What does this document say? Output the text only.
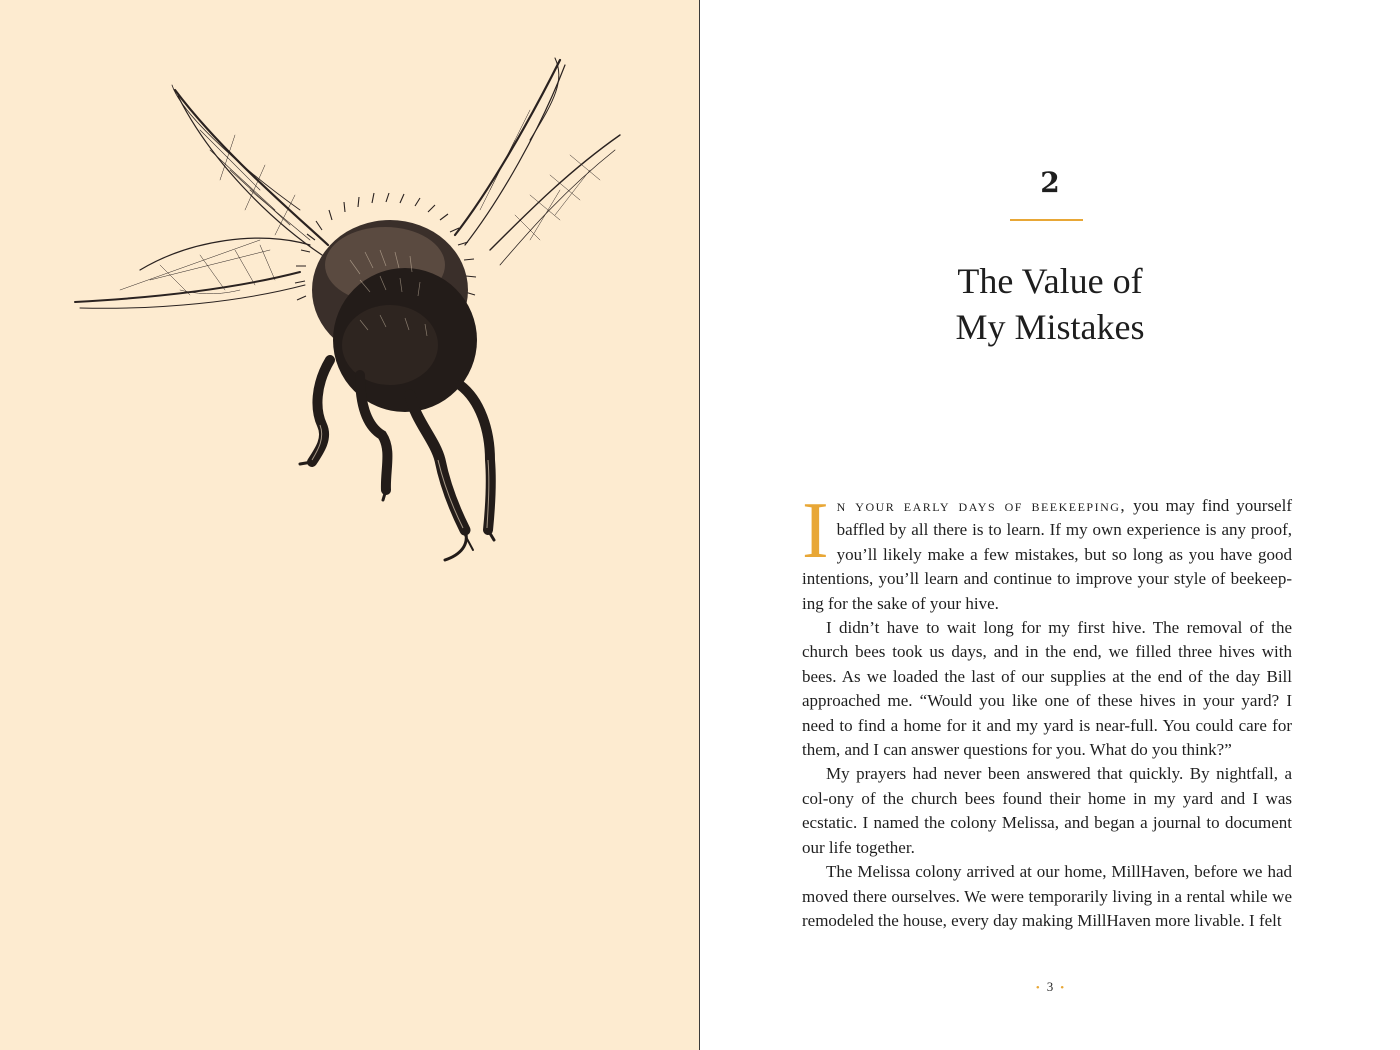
2
The Value of
My Mistakes

In your early days of beekeeping, you may find yourself baffled by all there is to learn. If my own experience is any proof, you’ll likely make a few mistakes, but so long as you have good intentions, you’ll learn and continue to improve your style of beekeep-ing for the sake of your hive.

I didn’t have to wait long for my first hive. The removal of the church bees took us days, and in the end, we filled three hives with bees. As we loaded the last of our supplies at the end of the day Bill approached me. “Would you like one of these hives in your yard? I need to find a home for it and my yard is near-full. You could care for them, and I can answer questions for you. What do you think?”

My prayers had never been answered that quickly. By nightfall, a col-ony of the church bees found their home in my yard and I was ecstatic. I named the colony Melissa, and began a journal to document our life together.

The Melissa colony arrived at our home, MillHaven, before we had moved there ourselves. We were temporarily living in a rental while we remodeled the house, every day making MillHaven more livable. I felt

• 3 •
